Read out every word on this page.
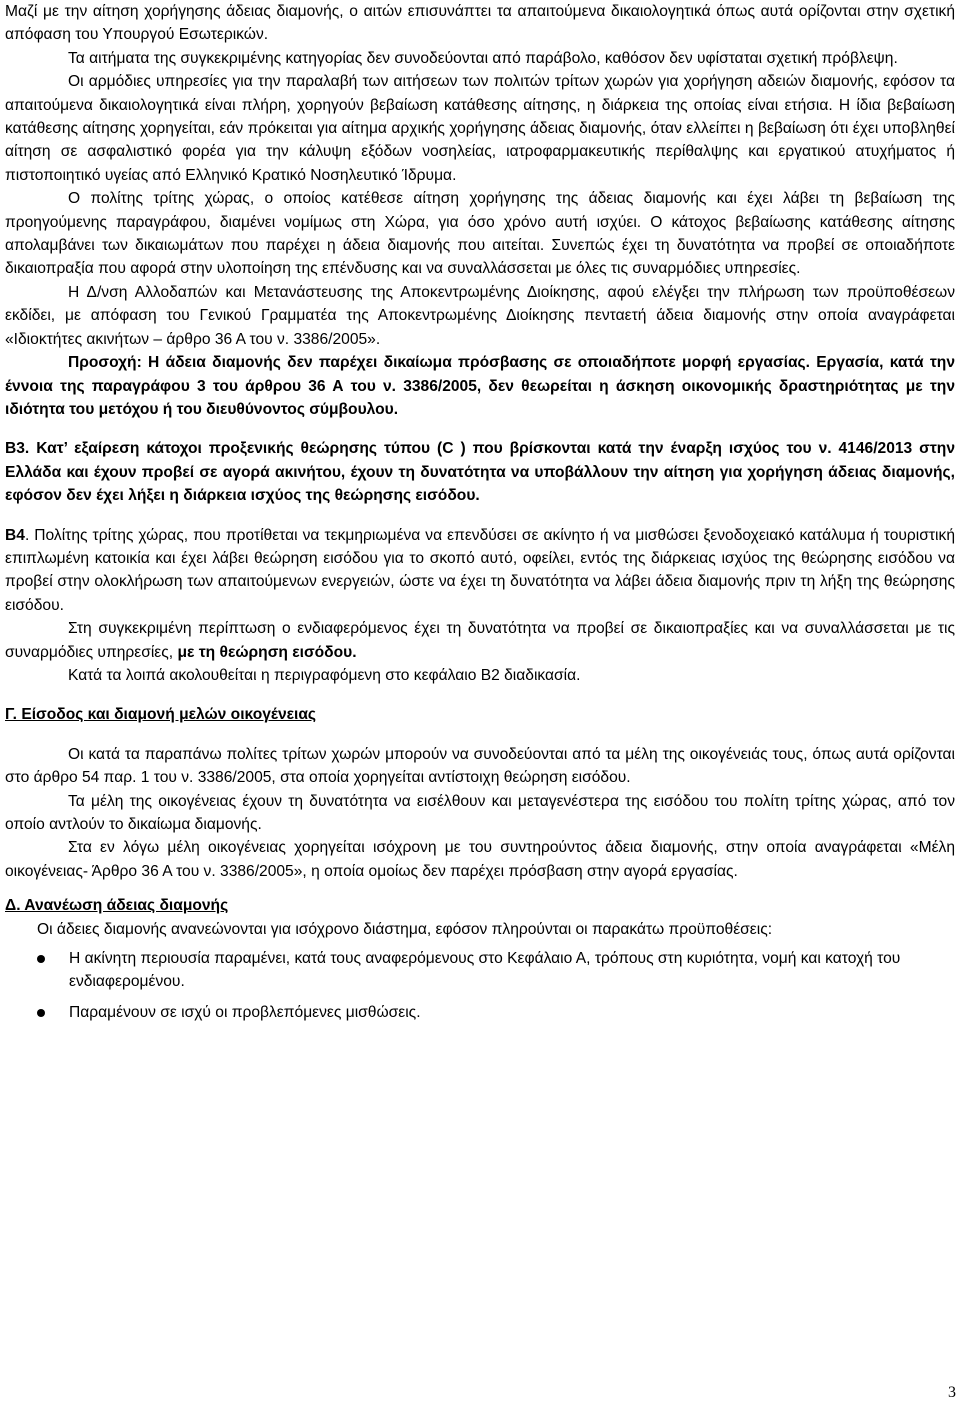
Μαζί με την αίτηση χορήγησης άδειας διαμονής, ο αιτών επισυνάπτει τα απαιτούμενα δικαιολογητικά όπως αυτά ορίζονται στην σχετική απόφαση του Υπουργού Εσωτερικών.

Τα αιτήματα της συγκεκριμένης κατηγορίας δεν συνοδεύονται από παράβολο, καθόσον δεν υφίσταται σχετική πρόβλεψη.

Οι αρμόδιες υπηρεσίες για την παραλαβή των αιτήσεων των πολιτών τρίτων χωρών για χορήγηση αδειών διαμονής, εφόσον τα απαιτούμενα δικαιολογητικά είναι πλήρη, χορηγούν βεβαίωση κατάθεσης αίτησης, η διάρκεια της οποίας είναι ετήσια. Η ίδια βεβαίωση κατάθεσης αίτησης χορηγείται, εάν πρόκειται για αίτημα αρχικής χορήγησης άδειας διαμονής, όταν ελλείπει η βεβαίωση ότι έχει υποβληθεί αίτηση σε ασφαλιστικό φορέα για την κάλυψη εξόδων νοσηλείας, ιατροφαρμακευτικής περίθαλψης και εργατικού ατυχήματος ή πιστοποιητικό υγείας από Ελληνικό Κρατικό Νοσηλευτικό Ίδρυμα.

Ο πολίτης τρίτης χώρας, ο οποίος κατέθεσε αίτηση χορήγησης της άδειας διαμονής και έχει λάβει τη βεβαίωση της προηγούμενης παραγράφου, διαμένει νομίμως στη Χώρα, για όσο χρόνο αυτή ισχύει. Ο κάτοχος βεβαίωσης κατάθεσης αίτησης απολαμβάνει των δικαιωμάτων που παρέχει η άδεια διαμονής που αιτείται. Συνεπώς έχει τη δυνατότητα να προβεί σε οποιαδήποτε δικαιοπραξία που αφορά στην υλοποίηση της επένδυσης και να συναλλάσσεται με όλες τις συναρμόδιες υπηρεσίες.

Η Δ/νση Αλλοδαπών και Μετανάστευσης της Αποκεντρωμένης Διοίκησης, αφού ελέγξει την πλήρωση των προϋποθέσεων εκδίδει, με απόφαση του Γενικού Γραμματέα της Αποκεντρωμένης Διοίκησης πενταετή άδεια διαμονής στην οποία αναγράφεται «Ιδιοκτήτες ακινήτων – άρθρο 36 Α του ν. 3386/2005».

Προσοχή: Η άδεια διαμονής δεν παρέχει δικαίωμα πρόσβασης σε οποιαδήποτε μορφή εργασίας. Εργασία, κατά την έννοια της παραγράφου 3 του άρθρου 36 Α του ν. 3386/2005, δεν θεωρείται η άσκηση οικονομικής δραστηριότητας με την ιδιότητα του μετόχου ή του διευθύνοντος σύμβουλου.

Β3. Κατ’ εξαίρεση κάτοχοι προξενικής θεώρησης τύπου (C ) που βρίσκονται κατά την έναρξη ισχύος του ν. 4146/2013 στην Ελλάδα και έχουν προβεί σε αγορά ακινήτου, έχουν τη δυνατότητα να υποβάλλουν την αίτηση για χορήγηση άδειας διαμονής, εφόσον δεν έχει λήξει η διάρκεια ισχύος της θεώρησης εισόδου.

Β4. Πολίτης τρίτης χώρας, που προτίθεται να τεκμηριωμένα να επενδύσει σε ακίνητο ή να μισθώσει ξενοδοχειακό κατάλυμα ή τουριστική επιπλωμένη κατοικία και έχει λάβει θεώρηση εισόδου για το σκοπό αυτό, οφείλει, εντός της διάρκειας ισχύος της θεώρησης εισόδου να προβεί στην ολοκλήρωση των απαιτούμενων ενεργειών, ώστε να έχει τη δυνατότητα να λάβει άδεια διαμονής πριν τη λήξη της θεώρησης εισόδου.

Στη συγκεκριμένη περίπτωση ο ενδιαφερόμενος έχει τη δυνατότητα να προβεί σε δικαιοπραξίες και να συναλλάσσεται με τις συναρμόδιες υπηρεσίες, με τη θεώρηση εισόδου.

Κατά τα λοιπά ακολουθείται η περιγραφόμενη στο κεφάλαιο Β2 διαδικασία.

Γ. Είσοδος και διαμονή μελών οικογένειας

Οι κατά τα παραπάνω πολίτες τρίτων χωρών μπορούν να συνοδεύονται από τα μέλη της οικογένειάς τους, όπως αυτά ορίζονται στο άρθρο 54 παρ. 1 του ν. 3386/2005, στα οποία χορηγείται αντίστοιχη θεώρηση εισόδου.

Τα μέλη της οικογένειας έχουν τη δυνατότητα να εισέλθουν και μεταγενέστερα της εισόδου του πολίτη τρίτης χώρας, από τον οποίο αντλούν το δικαίωμα διαμονής.

Στα εν λόγω μέλη οικογένειας χορηγείται ισόχρονη με του συντηρούντος άδεια διαμονής, στην οποία αναγράφεται «Μέλη οικογένειας- Άρθρο 36 Α του ν. 3386/2005», η οποία ομοίως δεν παρέχει πρόσβαση στην αγορά εργασίας.

Δ. Ανανέωση άδειας διαμονής

Οι άδειες διαμονής ανανεώνονται για ισόχρονο διάστημα, εφόσον πληρούνται οι παρακάτω προϋποθέσεις:

Η ακίνητη περιουσία παραμένει, κατά τους αναφερόμενους στο Κεφάλαιο Α, τρόπους στη κυριότητα, νομή και κατοχή του ενδιαφερομένου.
Παραμένουν σε ισχύ οι προβλεπόμενες μισθώσεις.
3
